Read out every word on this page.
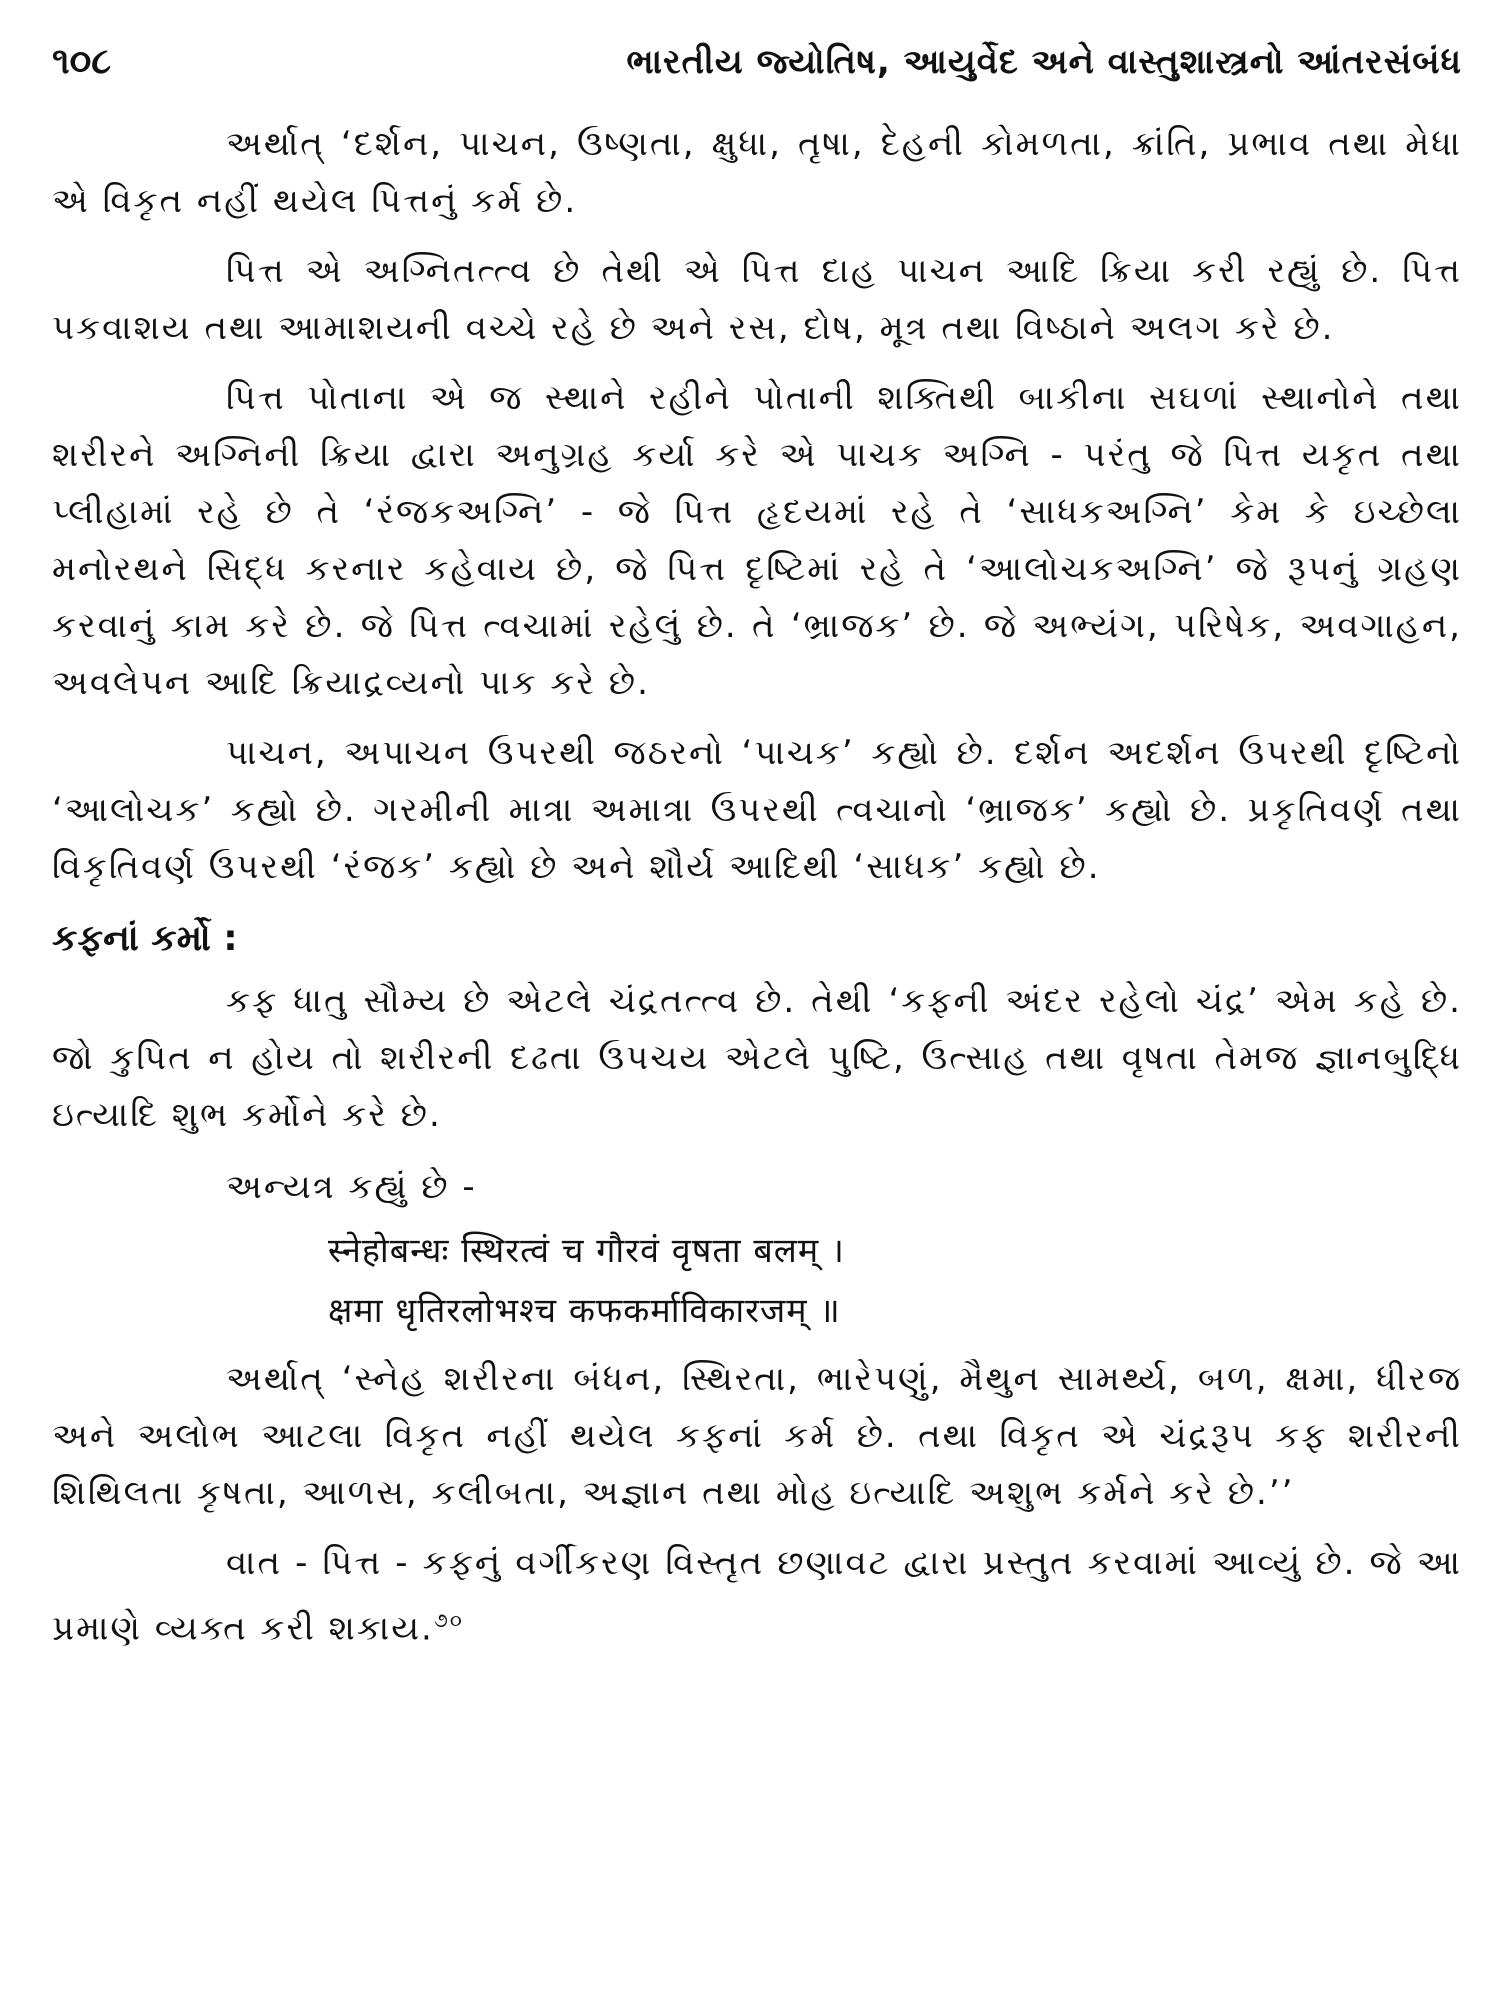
૧૦૮	ભારતીય જ્યોતિષ, આયુર્વેદ અને વાસ્તુશાસ્ત્રનો આંતરસંબંધ

અર્થાત્ ‘દર્શન, પાચન, ઉષ્ણતા, ક્ષુધા, તૃષા, દેહની કોમળતા, ક્રાંતિ, પ્રભાવ તથા મેધા એ વિકૃત નહીં થયેલ પિત્તનું કર્મ છે.

પિત્ત એ અગ્નિતત્ત્વ છે તેથી એ પિત્ત દાહ પાચન આદિ ક્રિયા કરી રહ્યું છે. પિત્ત પકવાશય તથા આમાશયની વચ્ચે રહે છે અને રસ, દોષ, મૂત્ર તથા વિષ્ઠાને અલગ કરે છે.

પિત્ત પોતાના એ જ સ્થાને રહીને પોતાની શક્તિથી બાકીના સઘળાં સ્થાનોને તથા શરીરને અગ્નિની ક્રિયા દ્વારા અનુગ્રહ કર્યા કરે એ પાચક અગ્નિ - પરંતુ જે પિત્ત યકૃત તથા પ્લીહામાં રહે છે તે ‘રંજકઅગ્નિ’ - જે પિત્ત હૃદયમાં રહે તે ‘સાધકઅગ્નિ’ કેમ કે ઇચ્છેલા મનોરથને સિદ્ધ કરનાર કહેવાય છે, જે પિત્ત દૃષ્ટિમાં રહે તે ‘આલોચકઅગ્નિ’ જે રૂપનું ગ્રહણ કરવાનું કામ કરે છે. જે પિત્ત ત્વચામાં રહેલું છે. તે ‘ભ્રાજક’ છે. જે અભ્યંગ, પરિષેક, અવગાહન, અવલેપન આદિ ક્રિયાદ્રવ્યનો પાક કરે છે.

પાચન, અપાચન ઉપરથી જઠરનો ‘પાચક’ કહ્યો છે. દર્શન અદર્શન ઉપરથી દૃષ્ટિનો ‘આલોચક’ કહ્યો છે. ગરમીની માત્રા અમાત્રા ઉપરથી ત્વચાનો ‘ભ્રાજક’ કહ્યો છે. પ્રકૃતિવર્ણ તથા વિકૃતિવર્ણ ઉપરથી ‘રંજક’ કહ્યો છે અને શૌર્ય આદિથી ‘સાધક’ કહ્યો છે.

કફનાં કર્મો :

કફ ધાતુ સૌમ્ય છે એટલે ચંદ્રતત્ત્વ છે. તેથી ‘કફની અંદર રહેલો ચંદ્ર’ એમ કહે છે. જો કુપિત ન હોય તો શરીરની દઢતા ઉપચય એટલે પુષ્ટિ, ઉત્સાહ તથા વૃષતા તેમજ જ્ઞાનબુદ્ધિ ઇત્યાદિ શુભ કર્મોને કરે છે.

અન્યત્ર કહ્યું છે -
स्नेहोबन्धः स्थिरत्वं च गौरवं वृषता बलम् ।
क्षमा धृतिरलोभश्च कफकर्माविकारजम् ॥

અર્થાત્ ‘સ્નેહ શરીરના બંધન, સ્થિરતા, ભારેપણું, મૈથુન સામર્થ્ય, બળ, ક્ષમા, ધીરજ અને અલોભ આટલા વિકૃત નહીં થયેલ કફનાં કર્મ છે. તથા વિકૃત એ ચંદ્રરૂપ કફ શરીરની શિથિલતા કૃષતા, આળસ, કલીબતા, અજ્ઞાન તથા મોહ ઇત્યાદિ અશુભ કર્મને કરે છે.’’

વાત - પિત્ત - કફનું વર્ગીકરણ વિસ્તૃત છણાવટ દ્વારા પ્રસ્તુત કરવામાં આવ્યું છે. જે આ પ્રમાણે વ્યક્ત કરી શકાય.$^{૭૦}$
